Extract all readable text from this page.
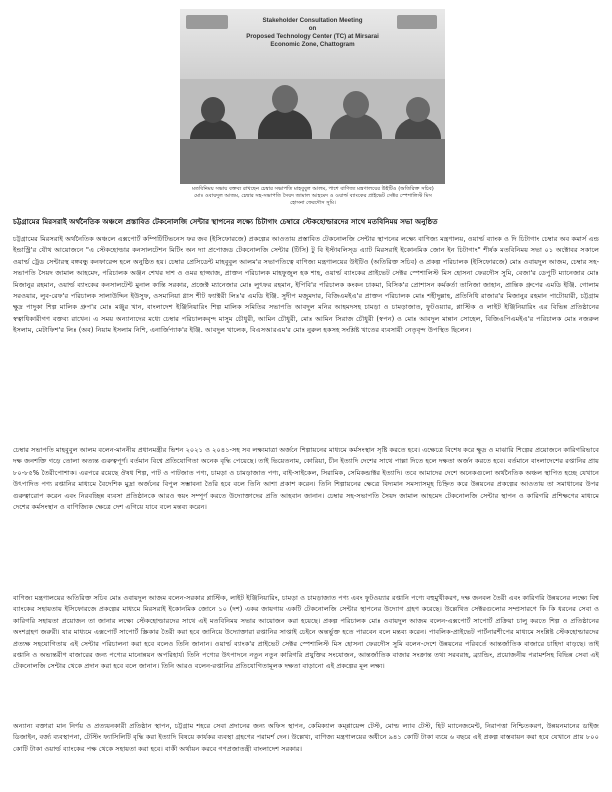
Stakeholder Consultation Meeting
on
Proposed Technology Center (TC) at Mirsarai Economic Zone, Chattogram
মতবিনিময় সভায় বক্তব্য রাখছেন চেম্বার সভাপতি মাহবুবুল আলম, পাশে বাণিজ্য মন্ত্রণালয়ের উইটিও (অতিরিক্ত সচিব) মোঃ ওবায়দুল আজম, চেম্বার সহ-সভাপতি সৈয়দ জামাল আহমেদ ও ওয়ার্ল্ড ব্যাংকের প্রাইভেট সেক্টর স্পেশালিস্ট মিস হোসনা ফেরদৌস সুমি।
চট্টগ্রামের মিরসরাই অর্থনৈতিক অঞ্চলে প্রস্তাবিত টেকনোলজি সেন্টার স্থাপনের লক্ষ্যে চিটাগাং চেম্বারে স্টেকহোল্ডারদের সাথে মতবিনিময় সভা অনুষ্ঠিত
চট্টগ্রামের মিরসরাই অর্থনৈতিক অঞ্চলে এক্সপোর্ট কম্পিটিটিভনেস ফর জব (ইসিফোরজে) প্রকল্পের আওতায় প্রস্তাবিত টেকনোলজি সেন্টার স্থাপনের লক্ষ্যে বাণিজ্য মন্ত্রণালয়, ওয়ার্ল্ড ব্যাংক ও দি চিটাগাং চেম্বার অব কমার্স এন্ড ইন্ডাস্ট্রি'র যৌথ আয়োজনে "এ স্টেকহোল্ডার কনসালটেশন মিটিং অন দ্যা প্রপোজড টেকনোলজি সেন্টার (টিসি) টু বি ইস্টাবলিস্ড এ্যাট মিরসরাই ইকোনমিক জোন ইন চিটাগাং" শীর্ষক মতবিনিময় সভা ০১ অক্টোবর সকালে ওয়ার্ল্ড ট্রেড সেন্টারস্থ বঙ্গবন্ধু কনফারেন্স হলে অনুষ্ঠিত হয়। চেম্বার প্রেসিডেন্ট মাহবুবুল আলম'র সভাপতিত্বে বাণিজ্য মন্ত্রণালয়ের উইটিও (অতিরিক্ত সচিব) ও প্রকল্প পরিচালক (ইসিফোরজে) মোঃ ওবায়দুল আজম, চেম্বার সহ-সভাপতি সৈয়দ জামাল আহমেদ, পরিচালক অঞ্জন শেখর দাশ ও ওমর হাজ্জাজ, প্রাক্তন পরিচালক মাহফুজুল হক শাহ, ওয়ার্ল্ড ব্যাংকের প্রাইভেট সেক্টর স্পেশালিস্ট মিস হোসনা ফেরদৌস সুমি, বেজা'র ডেপুটি ম্যানেজার মোঃ মিজানুর রহমান, ওয়ার্ল্ড ব্যাংকের কনসালটেন্ট মুনাল কান্তি সরকার, প্রজেক্ট ম্যানেজার মোঃ লুৎফর রহমান, ইপিবি'র পরিচালক কংকন চাকমা, বিসিক'র প্রোশাসন কর্মকর্তা তানিজা জাহান, প্রান্তিক গ্রুপের এমডি ইঞ্জি. গোলাম সরওয়ার, লুব-রেফ'র পরিচালক সালাউদ্দিন ইউসুফ, ওসমানিয়া গ্লাস শীট ফ্যাক্টরী লিঃ'র এমডি ইঞ্জি. সুদীপ মজুমদার, বিজিএমইএ'র প্রাক্তন পরিচালক মোঃ শহীদুল্লাহ, প্রতিনিধি রাজার'র মিজানুর রহমান পাটোয়ারী, চট্টগ্রাম ক্ষুদ্র পাদুকা শিল্প মালিক গ্রুপ'র মোঃ মঞ্জুর খান, বাংলাদেশ ইঞ্জিনিয়ারিং শিল্প মালিক সমিতির সভাপতি আবদুল মনির আহমদসহ চামড়া ও চামড়াজাত, ফুটওয়্যার, প্লাস্টিক ও লাইট ইঞ্জিনিয়ারিং এর বিভিন্ন প্রতিষ্ঠানের স্বত্বাধিকারীগণ বক্তব্য রাখেন। এ সময় অন্যান্যদের মধ্যে চেম্বার পরিচালকবৃন্দ মাসুম চৌধুরী, আমিন চৌধুরী, মোঃ আমিন সিরাজ চৌধুরী (স্বপন) ও মোঃ আবদুল মান্নান সোহেল, বিজিএপিএমইএ'র পরিচালক মোঃ নজরুল ইসলাম, মেটাফিশ'র লিঃ (অব) নিয়াম ইসলাম নিশি, এনার্জিপ্যাক'র ইঞ্জি. আবদুল খালেক, বিএসআরএম'র মোঃ নুরুল হকসহ সংশ্লিষ্ট খাতের ব্যবসায়ী নেতৃবৃন্দ উপস্থিত ছিলেন।
চেম্বার সভাপতি মাহবুবুল আলম বলেন-মাননীয় প্রধানমন্ত্রীর ভিশন ২০২১ ও ২০৪১-সহ সব লক্ষ্যমাত্রা অর্জনে শিল্পায়নের মাধ্যমে কর্মসংস্থান সৃষ্টি করতে হবে। এক্ষেত্রে বিশেষ করে ক্ষুদ্র ও মাঝারি শিল্পের প্রয়োজনে কারিগরিভাবে দক্ষ জনশক্তি গড়ে তোলা অত্যন্ত গুরুত্বপূর্ণ। বর্তমান বিশ্বে প্রতিযোগিতা অনেক বৃদ্ধি পেয়েছে। তাই ভিয়েতনাম, কোরিয়া, চীন ইত্যাদি দেশের সাথে পাল্লা দিতে হলে দক্ষতা অর্জন করতে হবে। বর্তমানে বাংলাদেশের রপ্তানির প্রায় ৮০-৮৫% তৈরীপোশাক। এরপরে রয়েছে ঔষধ শিল্প, পাট ও পাটজাত পণ্য, চামড়া ও চামড়াজাত পণ্য, বাই-সাইকেল, সিরামিক, সেমিকন্ডাক্টর ইত্যাদি। তবে আমাদের দেশে অনেকগুলো অর্থনৈতিক অঞ্চল স্থাপিত হচ্ছে যেখানে উৎপাদিত পণ্য রপ্তানির মাধ্যমে বৈদেশিক মুদ্রা অর্জনের বিপুল সম্ভাবনা তৈরি হবে বলে তিনি আশা প্রকাশ করেন। তিনি শিল্পায়নের ক্ষেত্রে বিদ্যমান সমস্যাসমূহ চিহ্নিত করে উন্নয়নের প্রকল্পের আওতায় তা সমাধানের উপর গুরুত্বারোপ করেন এবং নিরবচ্ছিন্ন ব্যবসা প্রতিষ্ঠানকে আরও স্বয়ং সম্পূর্ণ করতে উদ্যোক্তাদের প্রতি আহবান জানান। চেম্বার সহ-সভাপতি সৈয়দ জামাল আহমেদ টেকনোলজি সেন্টার স্থাপন ও কারিগরি প্রশিক্ষণের মাধ্যমে দেশের কর্মসংস্থান ও বাণিজ্যিক ক্ষেত্রে দেশ এগিয়ে যাবে বলে মন্তব্য করেন।
বাণিজ্য মন্ত্রণালয়ের অতিরিক্ত সচিব মোঃ ওবায়দুল আজম বলেন-সরকার প্লাস্টিক, লাইট ইঞ্জিনিয়ারিং, চামড়া ও চামড়াজাত পণ্য এবং ফুটওয়্যার রপ্তানি পণ্যে বহুমুখীকরণ, দক্ষ জনবল তৈরী এবং কারিগরি উন্নয়নের লক্ষ্যে বিশ্ব ব্যাংকের সহায়তায় ইসিফোরজে প্রকল্পের মাধ্যমে মিরসরাই ইকোনমিক জোনে ১০ (দশ) একর জায়গায় একটি টেকনোলজি সেন্টার স্থাপনের উদ্যোগ গ্রহণ করেছে। উল্লেখিত সেক্টরগুলোর সম্প্রসারণে কি কি ধরনের সেবা ও কারিগরি সহায়তা প্রয়োজন তা জানার লক্ষ্যে স্টেকহোল্ডারদের সাথে এই মতবিনিময় সভার আয়োজন করা হয়েছে। প্রকল্প পরিচালক মোঃ ওবায়দুল আজম বলেন-এক্সপোর্ট সাপোর্ট প্রক্রিয়া চালু করতে শিল্প ও প্রতিষ্ঠানের অংশগ্রহণ জরুরী। যার মাধ্যমে এক্সপোর্ট সাপোর্ট স্ক্রিকার তৈরী করা হবে জানিয়ে উদ্যোক্তারা রপ্তানির সাপ্তাই চেইনে অন্তর্ভুক্ত হতে পারবেন বলে মন্তব্য করেন। পাবলিক-প্রাইভেট পার্টনারশীপের মাধ্যমে সংশ্লিষ্ট স্টেকহোল্ডারদের প্রত্যক্ষ সহযোগিতায় এই সেন্টার পরিচালনা করা হবে বলেও তিনি জানান। ওয়ার্ল্ড ব্যাংক'র প্রাইভেট সেক্টর স্পেশালিস্ট মিস হোসনা ফেরদৌস সুমি বলেন-দেশে উন্নয়নের পরিবর্তে আন্তর্জাতিক বাজারে চাহিদা বাড়ছে। তাই রপ্তানি ও অভ্যন্তরীণ বাজারের জন্য পণ্যের মানোন্নয়ন অপরিহার্য। তিনি পণ্যের উৎপাদনে নতুন নতুন কারিগরি প্রযুক্তির সংযোজন, আন্তর্জাতিক বাজার সংক্রান্ত তথ্য সরবরাহ, ব্র্যান্ডিং, প্রয়োজনীয় পরামর্শসহ বিভিন্ন সেবা এই টেকনোলজি সেন্টার থেকে প্রদান করা হবে বলে জানান। তিনি আরও বলেন-রপ্তানির প্রতিযোগিতামূলক দক্ষতা বাড়ানো এই প্রকল্পের মূল লক্ষ্য।
অন্যান্য বক্তারা মান নির্ণয় ও প্রত্যয়নকারী প্রতিষ্ঠান স্থাপন, চট্টগ্রাম শহরে সেবা প্রদানের জন্য অফিস স্থাপন, কেমিক্যাল কম্প্লায়েন্স টেস্ট, মোল্ড ল্যাব টেস্ট, হিট ম্যানেজমেন্ট, নিরাপত্তা নিশ্চিতকরণ, উন্নয়নমানের ডাইজ ডিজাইন, বর্জ্য ব্যবস্থাপনা, টেস্টিং ফ্যাসিলিটি বৃদ্ধি করা ইত্যাদি বিষয়ে কার্যকর ব্যবস্থা গ্রহণের পরামর্শ দেন। উল্লেখ্য, বাণিজ্য মন্ত্রণালয়ের অধীনে ৯৪১ কোটি টাকা ব্যয়ে ৬ বছরে এই প্রকল্প বাস্তবায়ন করা হবে যেখানে প্রায় ৮০০ কোটি টাকা ওয়ার্ল্ড ব্যাংকের পক্ষ থেকে সহায়তা করা হবে। বাকী অর্থায়ন করবে গণপ্রজাতন্ত্রী বাংলাদেশ সরকার।
